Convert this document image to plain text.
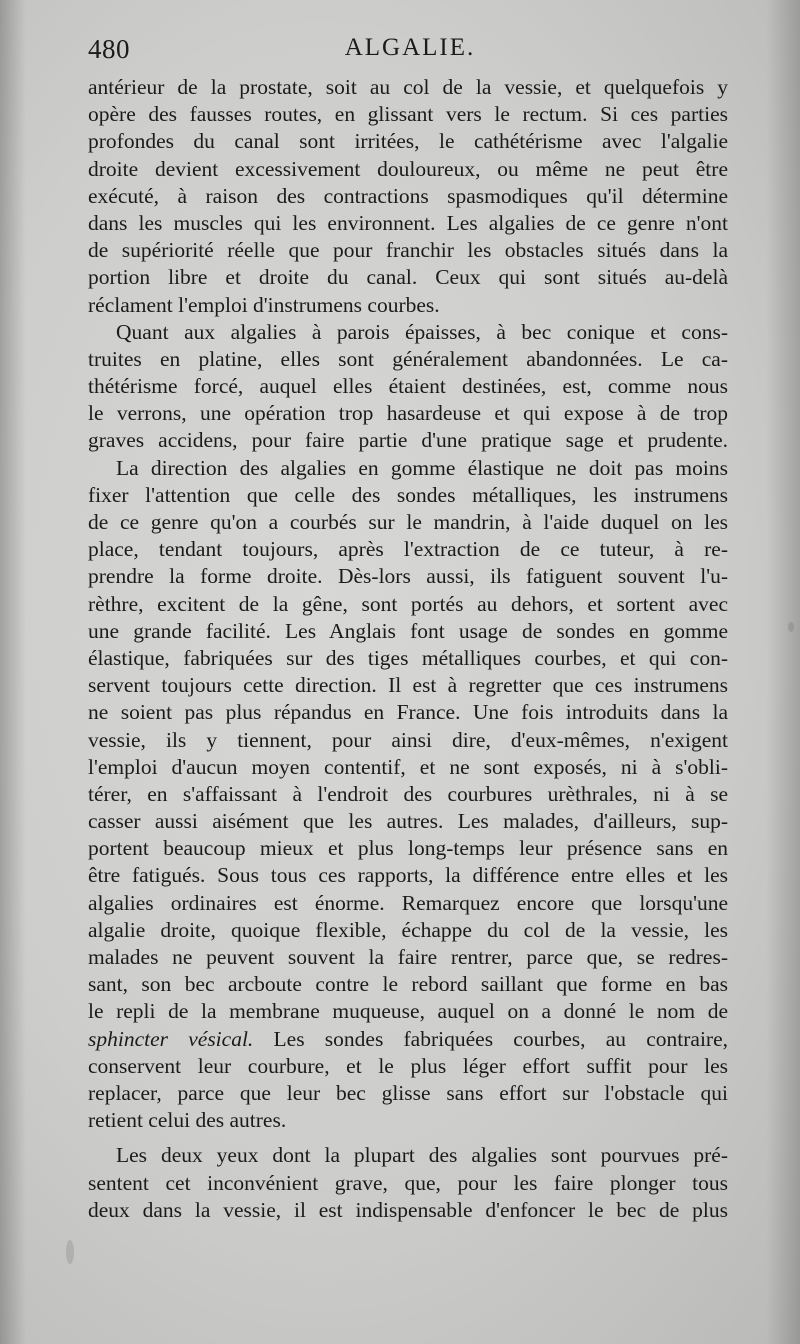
480	ALGALIE.
antérieur de la prostate, soit au col de la vessie, et quelquefois y
opère des fausses routes, en glissant vers le rectum. Si ces parties
profondes du canal sont irritées, le cathétérisme avec l'algalie
droite devient excessivement douloureux, ou même ne peut être
exécuté, à raison des contractions spasmodiques qu'il détermine
dans les muscles qui les environnent. Les algalies de ce genre n'ont
de supériorité réelle que pour franchir les obstacles situés dans la
portion libre et droite du canal. Ceux qui sont situés au-delà
réclament l'emploi d'instrumens courbes.
Quant aux algalies à parois épaisses, à bec conique et cons-
truites en platine, elles sont généralement abandonnées. Le ca-
thétérisme forcé, auquel elles étaient destinées, est, comme nous
le verrons, une opération trop hasardeuse et qui expose à de trop
graves accidens, pour faire partie d'une pratique sage et prudente.
La direction des algalies en gomme élastique ne doit pas moins
fixer l'attention que celle des sondes métalliques, les instrumens
de ce genre qu'on a courbés sur le mandrin, à l'aide duquel on les
place, tendant toujours, après l'extraction de ce tuteur, à re-
prendre la forme droite. Dès-lors aussi, ils fatiguent souvent l'u-
rèthre, excitent de la gêne, sont portés au dehors, et sortent avec
une grande facilité. Les Anglais font usage de sondes en gomme
élastique, fabriquées sur des tiges métalliques courbes, et qui con-
servent toujours cette direction. Il est à regretter que ces instrumens
ne soient pas plus répandus en France. Une fois introduits dans la
vessie, ils y tiennent, pour ainsi dire, d'eux-mêmes, n'exigent
l'emploi d'aucun moyen contentif, et ne sont exposés, ni à s'obli-
térer, en s'affaissant à l'endroit des courbures urèthrales, ni à se
casser aussi aisément que les autres. Les malades, d'ailleurs, sup-
portent beaucoup mieux et plus long-temps leur présence sans en
être fatigués. Sous tous ces rapports, la différence entre elles et les
algalies ordinaires est énorme. Remarquez encore que lorsqu'une
algalie droite, quoique flexible, échappe du col de la vessie, les
malades ne peuvent souvent la faire rentrer, parce que, se redres-
sant, son bec arcboute contre le rebord saillant que forme en bas
le repli de la membrane muqueuse, auquel on a donné le nom de
sphincter vésical. Les sondes fabriquées courbes, au contraire,
conservent leur courbure, et le plus léger effort suffit pour les
replacer, parce que leur bec glisse sans effort sur l'obstacle qui
retient celui des autres.
Les deux yeux dont la plupart des algalies sont pourvues pré-
sentent cet inconvénient grave, que, pour les faire plonger tous
deux dans la vessie, il est indispensable d'enfoncer le bec de plus
